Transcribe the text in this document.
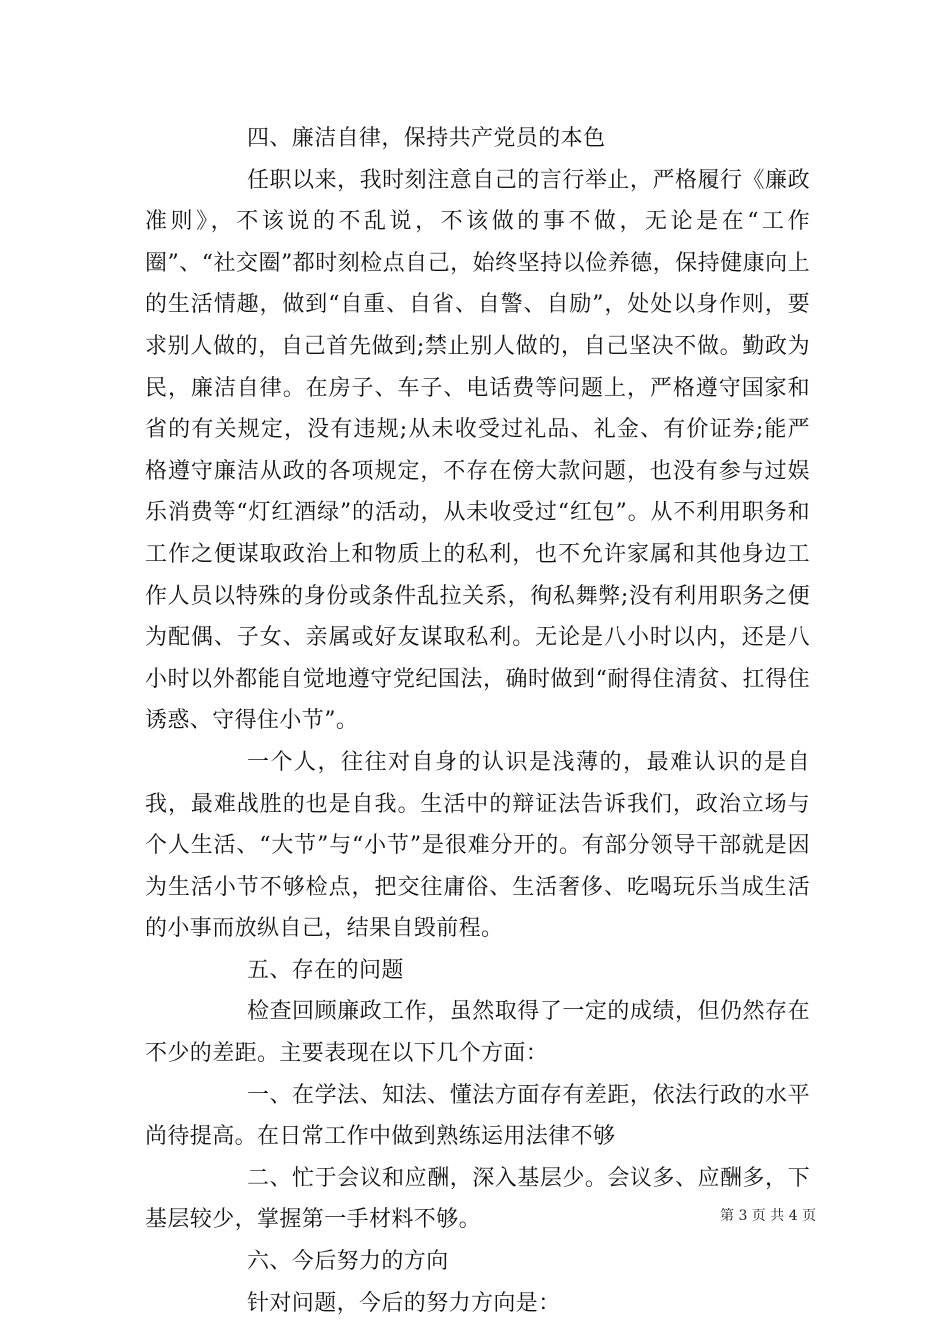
四、廉洁自律，保持共产党员的本色

任职以来，我时刻注意自己的言行举止，严格履行《廉政准则》，不该说的不乱说，不该做的事不做，无论是在“工作圈”、“社交圈”都时刻检点自己，始终坚持以俭养德，保持健康向上的生活情趣，做到“自重、自省、自警、自励”，处处以身作则，要求别人做的，自己首先做到;禁止别人做的，自己坚决不做。勤政为民，廉洁自律。在房子、车子、电话费等问题上，严格遵守国家和省的有关规定，没有违规;从未收受过礼品、礼金、有价证券;能严格遵守廉洁从政的各项规定，不存在傍大款问题，也没有参与过娱乐消费等“灯红酒绿”的活动，从未收受过“红包”。从不利用职务和工作之便谋取政治上和物质上的私利，也不允许家属和其他身边工作人员以特殊的身份或条件乱拉关系，徇私舞弊;没有利用职务之便为配偶、子女、亲属或好友谋取私利。无论是八小时以内，还是八小时以外都能自觉地遵守党纪国法，确时做到“耐得住清贫、扛得住诱惑、守得住小节”。

一个人，往往对自身的认识是浅薄的，最难认识的是自我，最难战胜的也是自我。生活中的辩证法告诉我们，政治立场与个人生活、“大节”与“小节”是很难分开的。有部分领导干部就是因为生活小节不够检点，把交往庸俗、生活奢侈、吃喝玩乐当成生活的小事而放纵自己，结果自毁前程。

五、存在的问题

检查回顾廉政工作，虽然取得了一定的成绩，但仍然存在不少的差距。主要表现在以下几个方面：

一、在学法、知法、懂法方面存有差距，依法行政的水平尚待提高。在日常工作中做到熟练运用法律不够

二、忙于会议和应酬，深入基层少。会议多、应酬多，下基层较少，掌握第一手材料不够。

六、今后努力的方向

针对问题，今后的努力方向是：

第 3 页 共 4 页
